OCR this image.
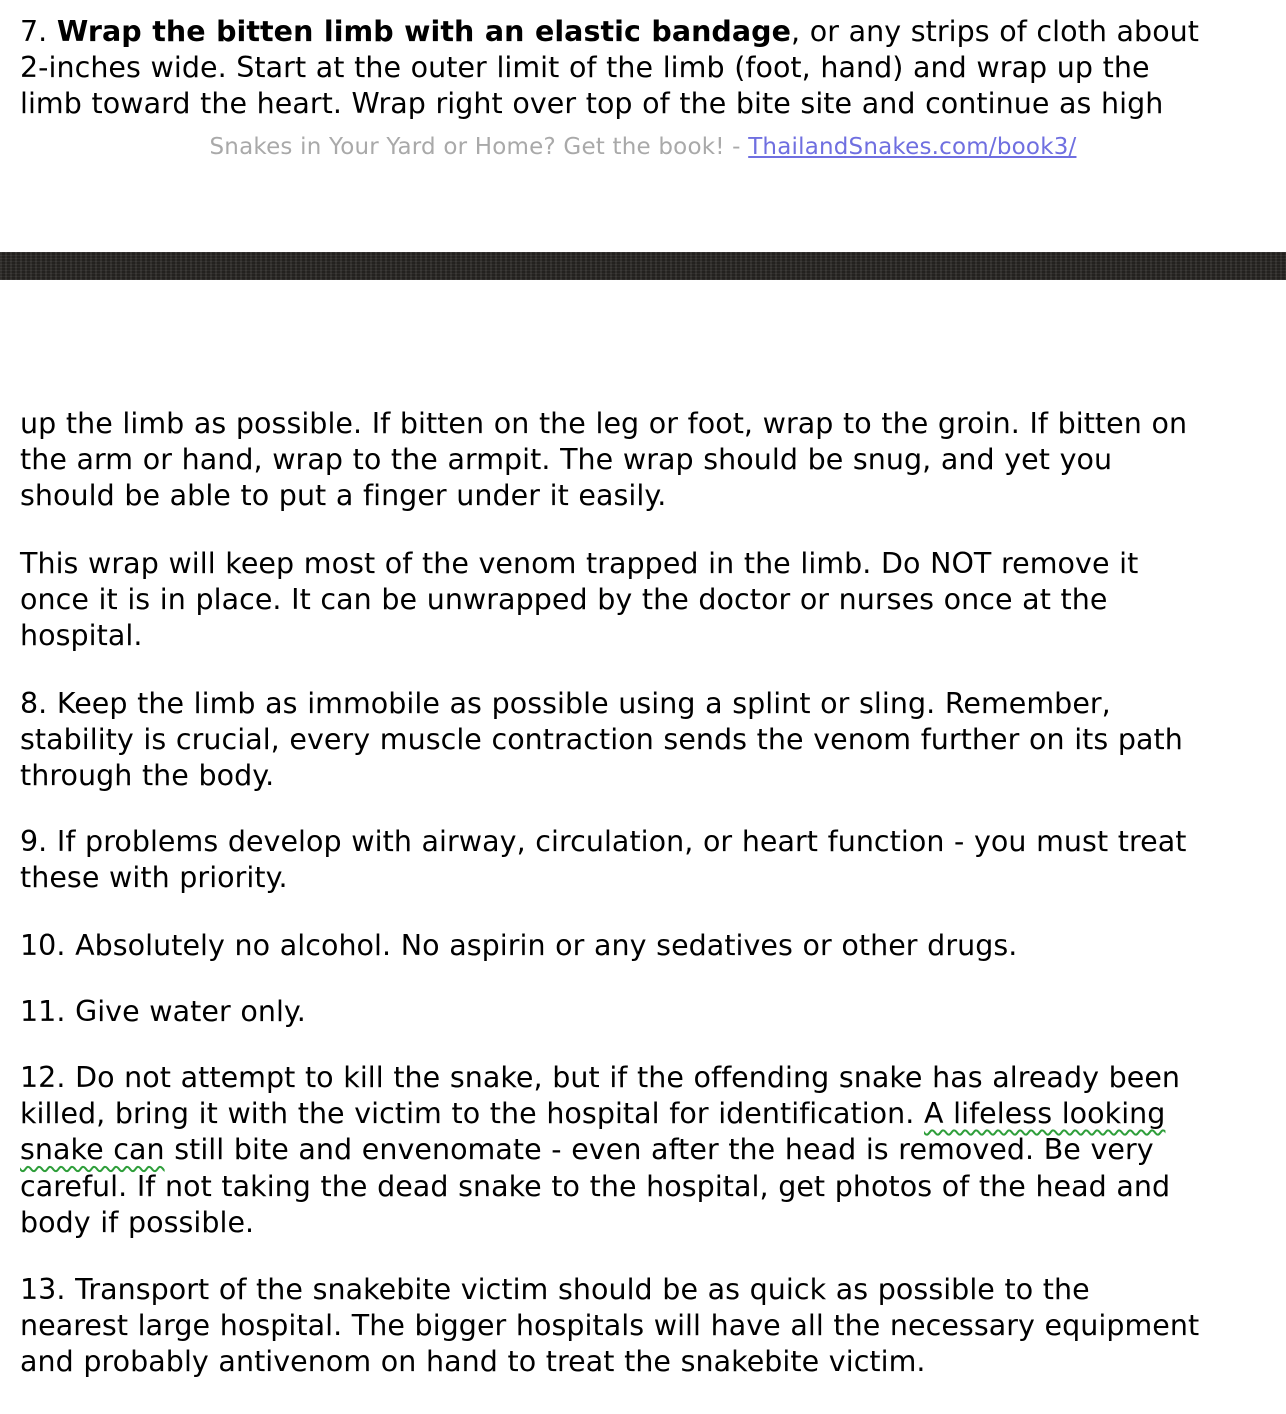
7. Wrap the bitten limb with an elastic bandage, or any strips of cloth about
2-inches wide. Start at the outer limit of the limb (foot, hand) and wrap up the
limb toward the heart. Wrap right over top of the bite site and continue as high

Snakes in Your Yard or Home? Get the book! - ThailandSnakes.com/book3/

up the limb as possible. If bitten on the leg or foot, wrap to the groin. If bitten on
the arm or hand, wrap to the armpit. The wrap should be snug, and yet you
should be able to put a finger under it easily.

This wrap will keep most of the venom trapped in the limb. Do NOT remove it
once it is in place. It can be unwrapped by the doctor or nurses once at the
hospital.

8. Keep the limb as immobile as possible using a splint or sling. Remember,
stability is crucial, every muscle contraction sends the venom further on its path
through the body.

9. If problems develop with airway, circulation, or heart function - you must treat
these with priority.

10. Absolutely no alcohol. No aspirin or any sedatives or other drugs.

11. Give water only.

12. Do not attempt to kill the snake, but if the offending snake has already been
killed, bring it with the victim to the hospital for identification. A lifeless looking
snake can still bite and envenomate - even after the head is removed. Be very
careful. If not taking the dead snake to the hospital, get photos of the head and
body if possible.

13. Transport of the snakebite victim should be as quick as possible to the
nearest large hospital. The bigger hospitals will have all the necessary equipment
and probably antivenom on hand to treat the snakebite victim.
